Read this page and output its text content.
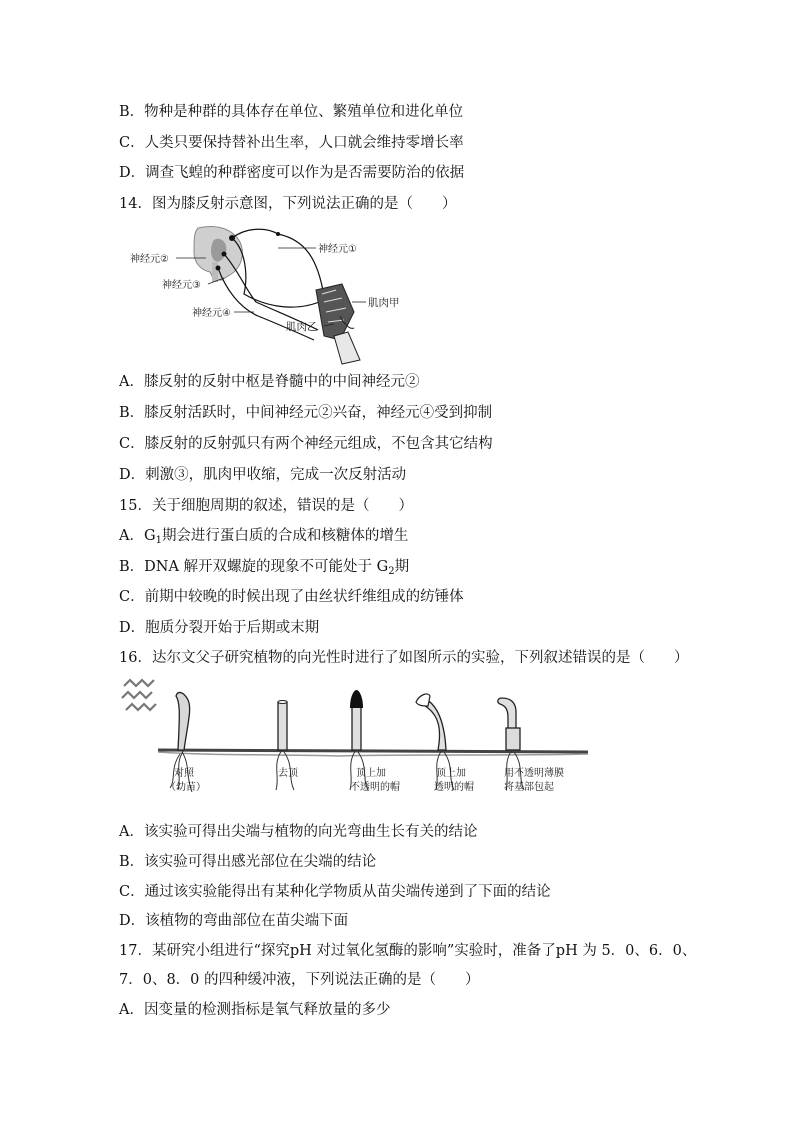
B．物种是种群的具体存在单位、繁殖单位和进化单位
C．人类只要保持替补出生率，人口就会维持零增长率
D．调查飞蝗的种群密度可以作为是否需要防治的依据
14．图为膝反射示意图，下列说法正确的是（　　）
神经元①
神经元②
神经元③
神经元④
肌肉甲
肌肉乙
A．膝反射的反射中枢是脊髓中的中间神经元②
B．膝反射活跃时，中间神经元②兴奋，神经元④受到抑制
C．膝反射的反射弧只有两个神经元组成，不包含其它结构
D．刺激③，肌肉甲收缩，完成一次反射活动
15．关于细胞周期的叙述，错误的是（　　）
A．$G_1$期会进行蛋白质的合成和核糖体的增生
B．DNA 解开双螺旋的现象不可能处于 $G_2$期
C．前期中较晚的时候出现了由丝状纤维组成的纺锤体
D．胞质分裂开始于后期或末期
16．达尔文父子研究植物的向光性时进行了如图所示的实验，下列叙述错误的是（　　）
对照
（幼苗）
去顶	顶上加
不透明的帽
顶上加
透明的帽
用不透明薄膜
将基部包起
A．该实验可得出尖端与植物的向光弯曲生长有关的结论
B．该实验可得出感光部位在尖端的结论
C．通过该实验能得出有某种化学物质从苗尖端传递到了下面的结论
D．该植物的弯曲部位在苗尖端下面
17．某研究小组进行“探究pH 对过氧化氢酶的影响”实验时，准备了pH 为 5．0、6．0、
7．0、8．0 的四种缓冲液，下列说法正确的是（　　）
A．因变量的检测指标是氧气释放量的多少
